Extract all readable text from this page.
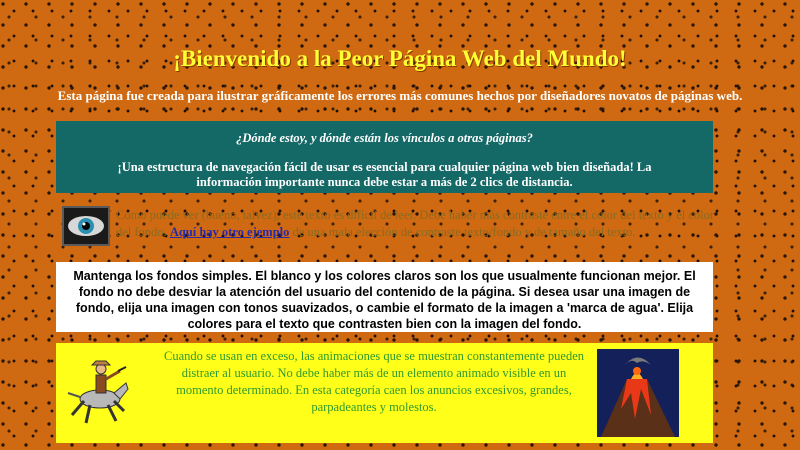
¡Bienvenido a la Peor Página Web del Mundo!
Esta página fue creada para ilustrar gráficamente los errores más comunes hechos por diseñadores novatos de páginas web.
¿Dónde estoy, y dónde están los vínculos a otras páginas?
¡Una estructura de navegación fácil de usar es esencial para cualquier página web bien diseñada! La información importante nunca debe estar a más de 2 clics de distancia.
Como puede ver (bueno, talvez), este texto es difícil de leer. Debe haber más contraste entre el color del texto y el color del fondo. Aquí hay otro ejemplo de una mala elección de contraste texto/fondo y de tamaño del texto.
Mantenga los fondos simples. El blanco y los colores claros son los que usualmente funcionan mejor. El fondo no debe desviar la atención del usuario del contenido de la página. Si desea usar una imagen de fondo, elija una imagen con tonos suavizados, o cambie el formato de la imagen a 'marca de agua'. Elija colores para el texto que contrasten bien con la imagen del fondo.
Cuando se usan en exceso, las animaciones que se muestran constantemente pueden distraer al usuario. No debe haber más de un elemento animado visible en un momento determinado. En esta categoría caen los anuncios excesivos, grandes, parpadeantes y molestos.
